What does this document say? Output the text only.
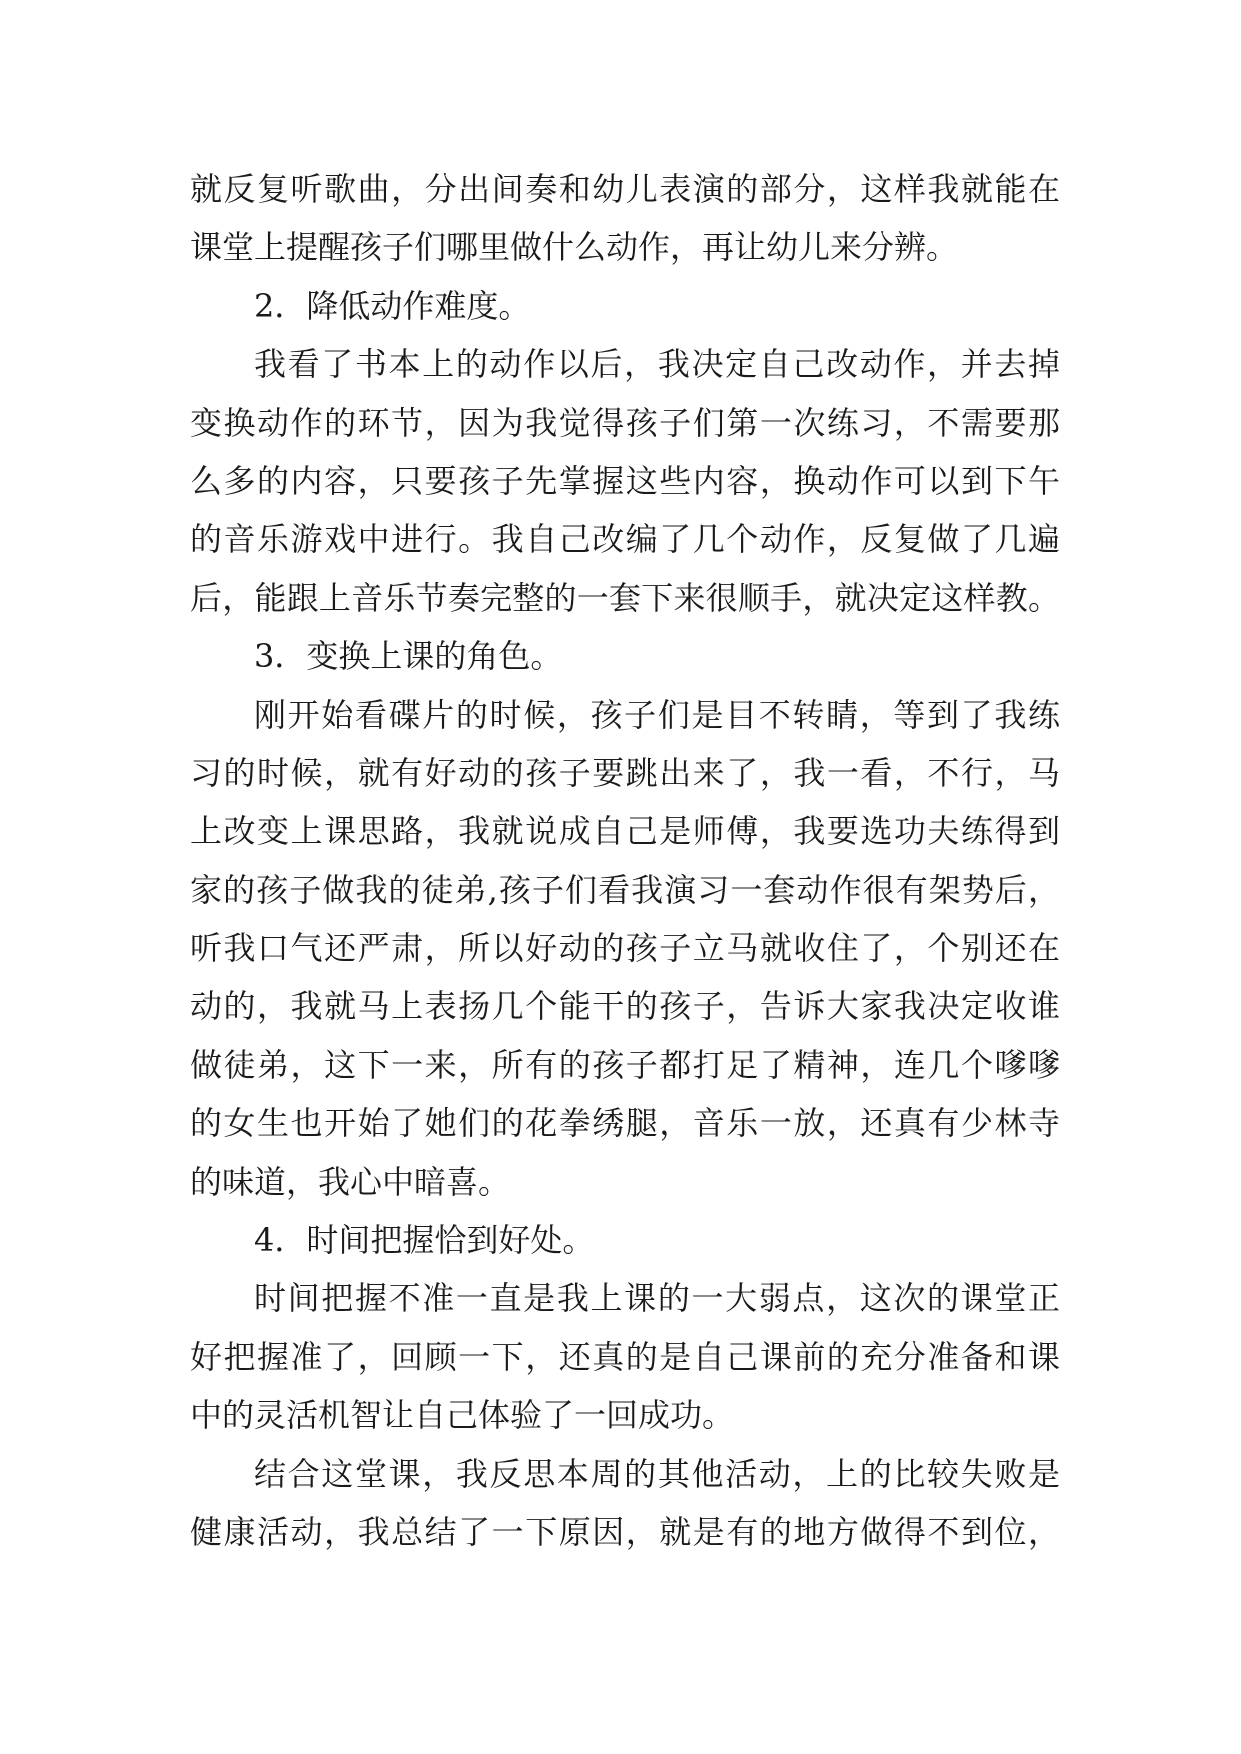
就反复听歌曲，分出间奏和幼儿表演的部分，这样我就能在
课堂上提醒孩子们哪里做什么动作，再让幼儿来分辨。
2．降低动作难度。
我看了书本上的动作以后，我决定自己改动作，并去掉
变换动作的环节，因为我觉得孩子们第一次练习，不需要那
么多的内容，只要孩子先掌握这些内容，换动作可以到下午
的音乐游戏中进行。我自己改编了几个动作，反复做了几遍
后，能跟上音乐节奏完整的一套下来很顺手，就决定这样教。
3．变换上课的角色。
刚开始看碟片的时候，孩子们是目不转睛，等到了我练
习的时候，就有好动的孩子要跳出来了，我一看，不行，马
上改变上课思路，我就说成自己是师傅，我要选功夫练得到
家的孩子做我的徒弟,孩子们看我演习一套动作很有架势后，
听我口气还严肃，所以好动的孩子立马就收住了，个别还在
动的，我就马上表扬几个能干的孩子，告诉大家我决定收谁
做徒弟，这下一来，所有的孩子都打足了精神，连几个嗲嗲
的女生也开始了她们的花拳绣腿，音乐一放，还真有少林寺
的味道，我心中暗喜。
4．时间把握恰到好处。
时间把握不准一直是我上课的一大弱点，这次的课堂正
好把握准了，回顾一下，还真的是自己课前的充分准备和课
中的灵活机智让自己体验了一回成功。
结合这堂课，我反思本周的其他活动，上的比较失败是
健康活动，我总结了一下原因，就是有的地方做得不到位，
